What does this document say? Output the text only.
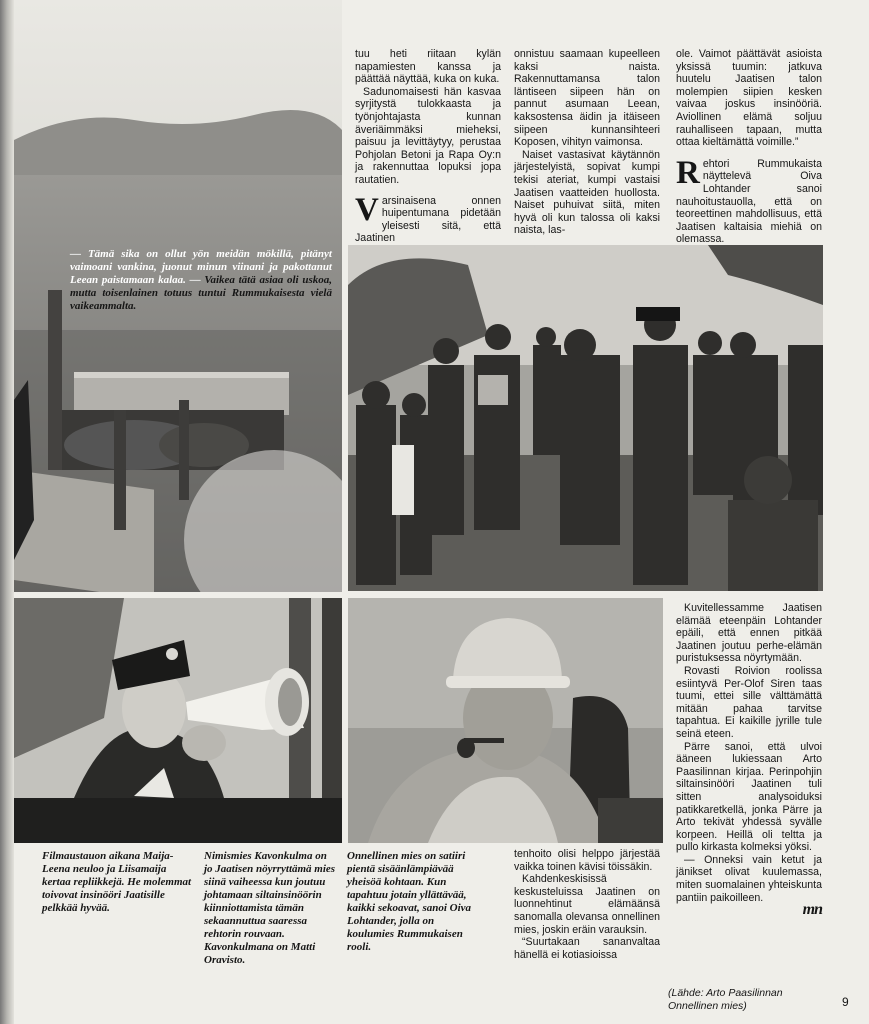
— Tämä sika on ollut yön meidän mökillä, pitänyt vaimoani vankina, juonut minun viinani ja pakottanut Leean paistamaan kalaa. — Vaikea tätä asiaa oli uskoa, mutta toisenlainen totuus tuntui Rummukaisesta vielä vaikeammalta.

tuu heti riitaan kylän napamiesten kanssa ja päättää näyttää, kuka on kuka.

Sadunomaisesti hän kasvaa syrjitystä tulokkaasta ja työnjohtajasta kunnan äveriäimmäksi mieheksi, paisuu ja levittäytyy, perustaa Pohjolan Betoni ja Rapa Oy:n ja rakennuttaa lopuksi jopa rautatien.

Varsinaisena onnen huipentumana pidetään yleisesti sitä, että Jaatinen

onnistuu saamaan kupeelleen kaksi naista. Rakennuttamansa talon läntiseen siipeen hän on pannut asumaan Leean, kaksostensa äidin ja itäiseen siipeen kunnansihteeri Koposen, vihityn vaimonsa.

Naiset vastasivat käytännön järjestelyistä, sopivat kumpi tekisi ateriat, kumpi vastaisi Jaatisen vaatteiden huollosta. Naiset puhuivat siitä, miten hyvä oli kun talossa oli kaksi naista, las-

ole. Vaimot päättävät asioista yksissä tuumin: jatkuva huutelu Jaatisen talon molempien siipien kesken vaivaa joskus insinööriä. Aviollinen elämä soljuu rauhalliseen tapaan, mutta ottaa kieltämättä voimille.”

Rehtori Rummukaista näyttelevä Oiva Lohtander sanoi nauhoitustauolla, että on teoreettinen mahdollisuus, että Jaatisen kaltaisia miehiä on olemassa.

Kuvitellessamme Jaatisen elämää eteenpäin Lohtander epäili, että ennen pitkää Jaatinen joutuu perhe-elämän puristuksessa nöyrtymään.

Rovasti Roivion roolissa esiintyvä Per-Olof Siren taas tuumi, ettei sille välttämättä mitään pahaa tarvitse tapahtua. Ei kaikille jyrille tule seinä eteen.

Pärre sanoi, että ulvoi ääneen lukiessaan Arto Paasilinnan kirjaa. Perinpohjin siltainsinööri Jaatinen tuli sitten analysoiduksi patikkaretkellä, jonka Pärre ja Arto tekivät yhdessä syvälle korpeen. Heillä oli teltta ja pullo kirkasta kolmeksi yöksi.

— Onneksi vain ketut ja jänikset olivat kuulemassa, miten suomalainen yhteiskunta pantiin paikoilleen.

mn
Filmaustauon aikana Maija-Leena neuloo ja Liisamaija kertaa repliikkejä. He molemmat toivovat insinööri Jaatisille pelkkää hyvää.
Nimismies Kavonkulma on jo Jaatisen nöyrryttämä mies siinä vaiheessa kun joutuu johtamaan siltainsinöörin kiinniottamista tämän sekaannuttua saaressa rehtorin rouvaan. Kavonkulmana on Matti Oravisto.
Onnellinen mies on satiiri pientä sisäänlämpiävää yheisöä kohtaan. Kun tapahtuu jotain yllättävää, kaikki sekoavat, sanoi Oiva Lohtander, jolla on koulumies Rummukaisen rooli.

tenhoito olisi helppo järjestää vaikka toinen kävisi töissäkin.

Kahdenkeskisissä keskusteluissa Jaatinen on luonnehtinut elämäänsä sanomalla olevansa onnellinen mies, joskin eräin varauksin.

“Suurtakaan sananvaltaa hänellä ei kotiasioissa

(Lähde: Arto Paasilinnan Onnellinen mies)	9
